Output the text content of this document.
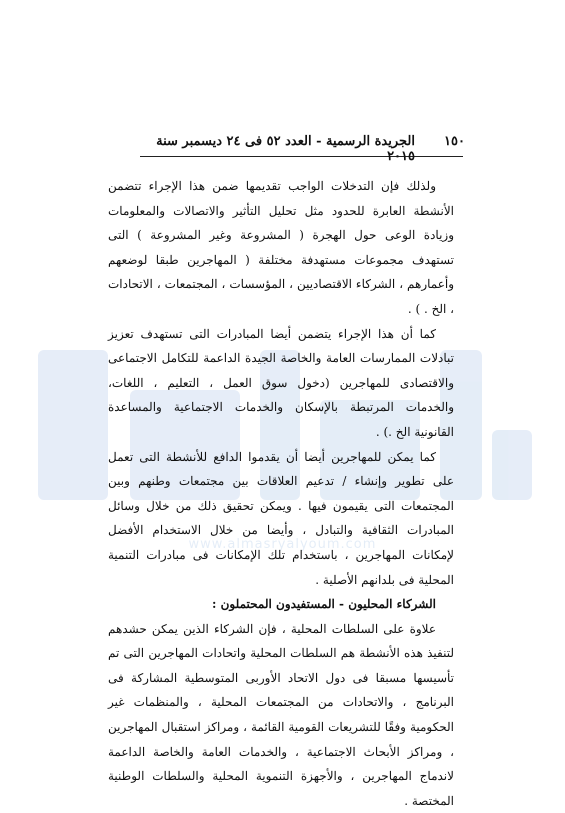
www.almasryalyoum.com
١٥٠
الجريدة الرسمية - العدد ٥٢ فى ٢٤ ديسمبر سنة ٢٠١٥

ولذلك فإن التدخلات الواجب تقديمها ضمن هذا الإجراء تتضمن الأنشطة العابرة للحدود مثل تحليل التأثير والاتصالات والمعلومات وزيادة الوعى حول الهجرة ( المشروعة وغير المشروعة ) التى تستهدف مجموعات مستهدفة مختلفة ( المهاجرين طبقا لوضعهم وأعمارهم ، الشركاء الاقتصاديين ، المؤسسات ، المجتمعات ، الاتحادات ، الخ . ) .

كما أن هذا الإجراء يتضمن أيضا المبادرات التى تستهدف تعزيز تبادلات الممارسات العامة والخاصة الجيدة الداعمة للتكامل الاجتماعى والاقتصادى للمهاجرين (دخول سوق العمل ، التعليم ، اللغات، والخدمات المرتبطة بالإسكان والخدمات الاجتماعية والمساعدة القانونية الخ .) .

كما يمكن للمهاجرين أيضا أن يقدموا الدافع للأنشطة التى تعمل على تطوير وإنشاء / تدعيم العلاقات بين مجتمعات وطنهم وبين المجتمعات التى يقيمون فيها . ويمكن تحقيق ذلك من خلال وسائل المبادرات الثقافية والتبادل ، وأيضا من خلال الاستخدام الأفضل لإمكانات المهاجرين ، باستخدام تلك الإمكانات فى مبادرات التنمية المحلية فى بلدانهم الأصلية .

الشركاء المحليون - المستفيدون المحتملون :

علاوة على السلطات المحلية ، فإن الشركاء الذين يمكن حشدهم لتنفيذ هذه الأنشطة هم السلطات المحلية واتحادات المهاجرين التى تم تأسيسها مسبقا فى دول الاتحاد الأوربى المتوسطية المشاركة فى البرنامج ، والاتحادات من المجتمعات المحلية ، والمنظمات غير الحكومية وفقًا للتشريعات القومية القائمة ، ومراكز استقبال المهاجرين ، ومراكز الأبحاث الاجتماعية ، والخدمات العامة والخاصة الداعمة لاندماج المهاجرين ، والأجهزة التنموية المحلية والسلطات الوطنية المختصة .
